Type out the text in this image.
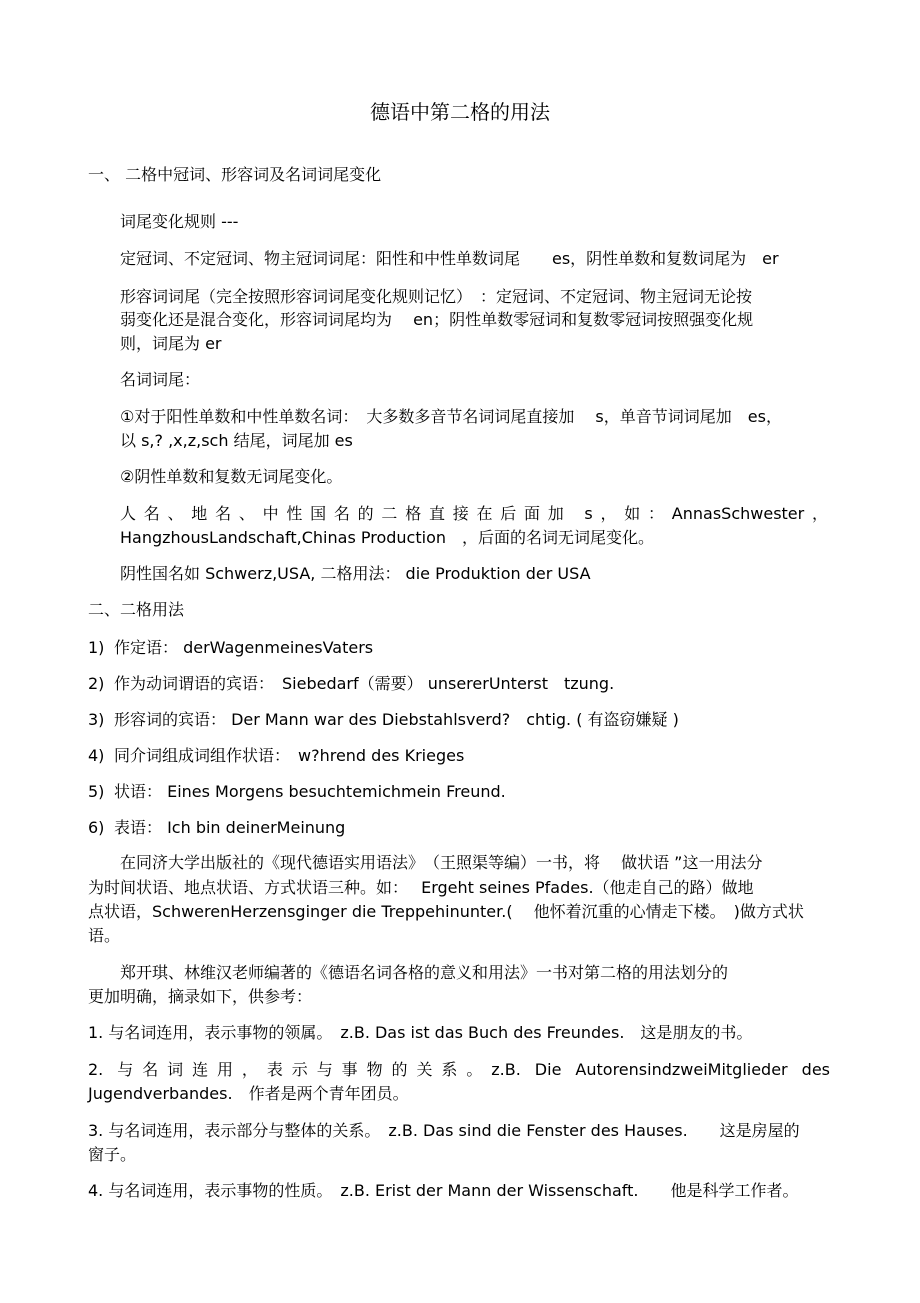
德语中第二格的用法
一、 二格中冠词、形容词及名词词尾变化
词尾变化规则 ---
定冠词、不定冠词、物主冠词词尾：阳性和中性单数词尾　　es，阴性单数和复数词尾为　er
形容词词尾（完全按照形容词词尾变化规则记忆）　：定冠词、不定冠词、物主冠词无论按
弱变化还是混合变化，形容词词尾均为　 en；阴性单数零冠词和复数零冠词按照强变化规
则，词尾为 er
名词词尾：
①对于阳性单数和中性单数名词：　大多数多音节名词词尾直接加　 s，单音节词词尾加　es，
以 s,? ,x,z,sch 结尾，词尾加 es
②阴性单数和复数无词尾变化。
人名、地名、中性国名的二格直接在后面加 s，如：AnnasSchwester，
HangzhousLandschaft,Chinas Production　，后面的名词无词尾变化。
阴性国名如 Schwerz,USA, 二格用法： die Produktion der USA
二、二格用法
1) 作定语： derWagenmeinesVaters
2) 作为动词谓语的宾语：　Siebedarf（需要） unsererUnterst　tzung.
3) 形容词的宾语： Der Mann war des Diebstahlsverd?　chtig. ( 有盗窃嫌疑 )
4) 同介词组成词组作状语：　w?hrend des Krieges
5) 状语： Eines Morgens besuchtemichmein Freund.
6) 表语： Ich bin deinerMeinung
在同济大学出版社的《现代德语实用语法》　（王照渠等编）一书，将　 做状语 ”这一用法分
为时间状语、地点状语、方式状语三种。如：　 Ergeht seines Pfades.（他走自己的路）做地
点状语，SchwerenHerzensginger die Treppehinunter.(　 他怀着沉重的心情走下楼。　)做方式状
语。
郑开琪、林维汉老师编著的《德语名词各格的意义和用法》一书对第二格的用法划分的
更加明确，摘录如下，供参考：
1. 与名词连用，表示事物的领属。　z.B. Das ist das Buch des Freundes.　这是朋友的书。
2. 与名词连用，表示与事物的关系。z.B. Die AutorensindzweiMitglieder des
Jugendverbandes.　作者是两个青年团员。
3. 与名词连用，表示部分与整体的关系。　z.B. Das sind die Fenster des Hauses.　　这是房屋的
窗子。
4. 与名词连用，表示事物的性质。　z.B. Erist der Mann der Wissenschaft.　　他是科学工作者。
